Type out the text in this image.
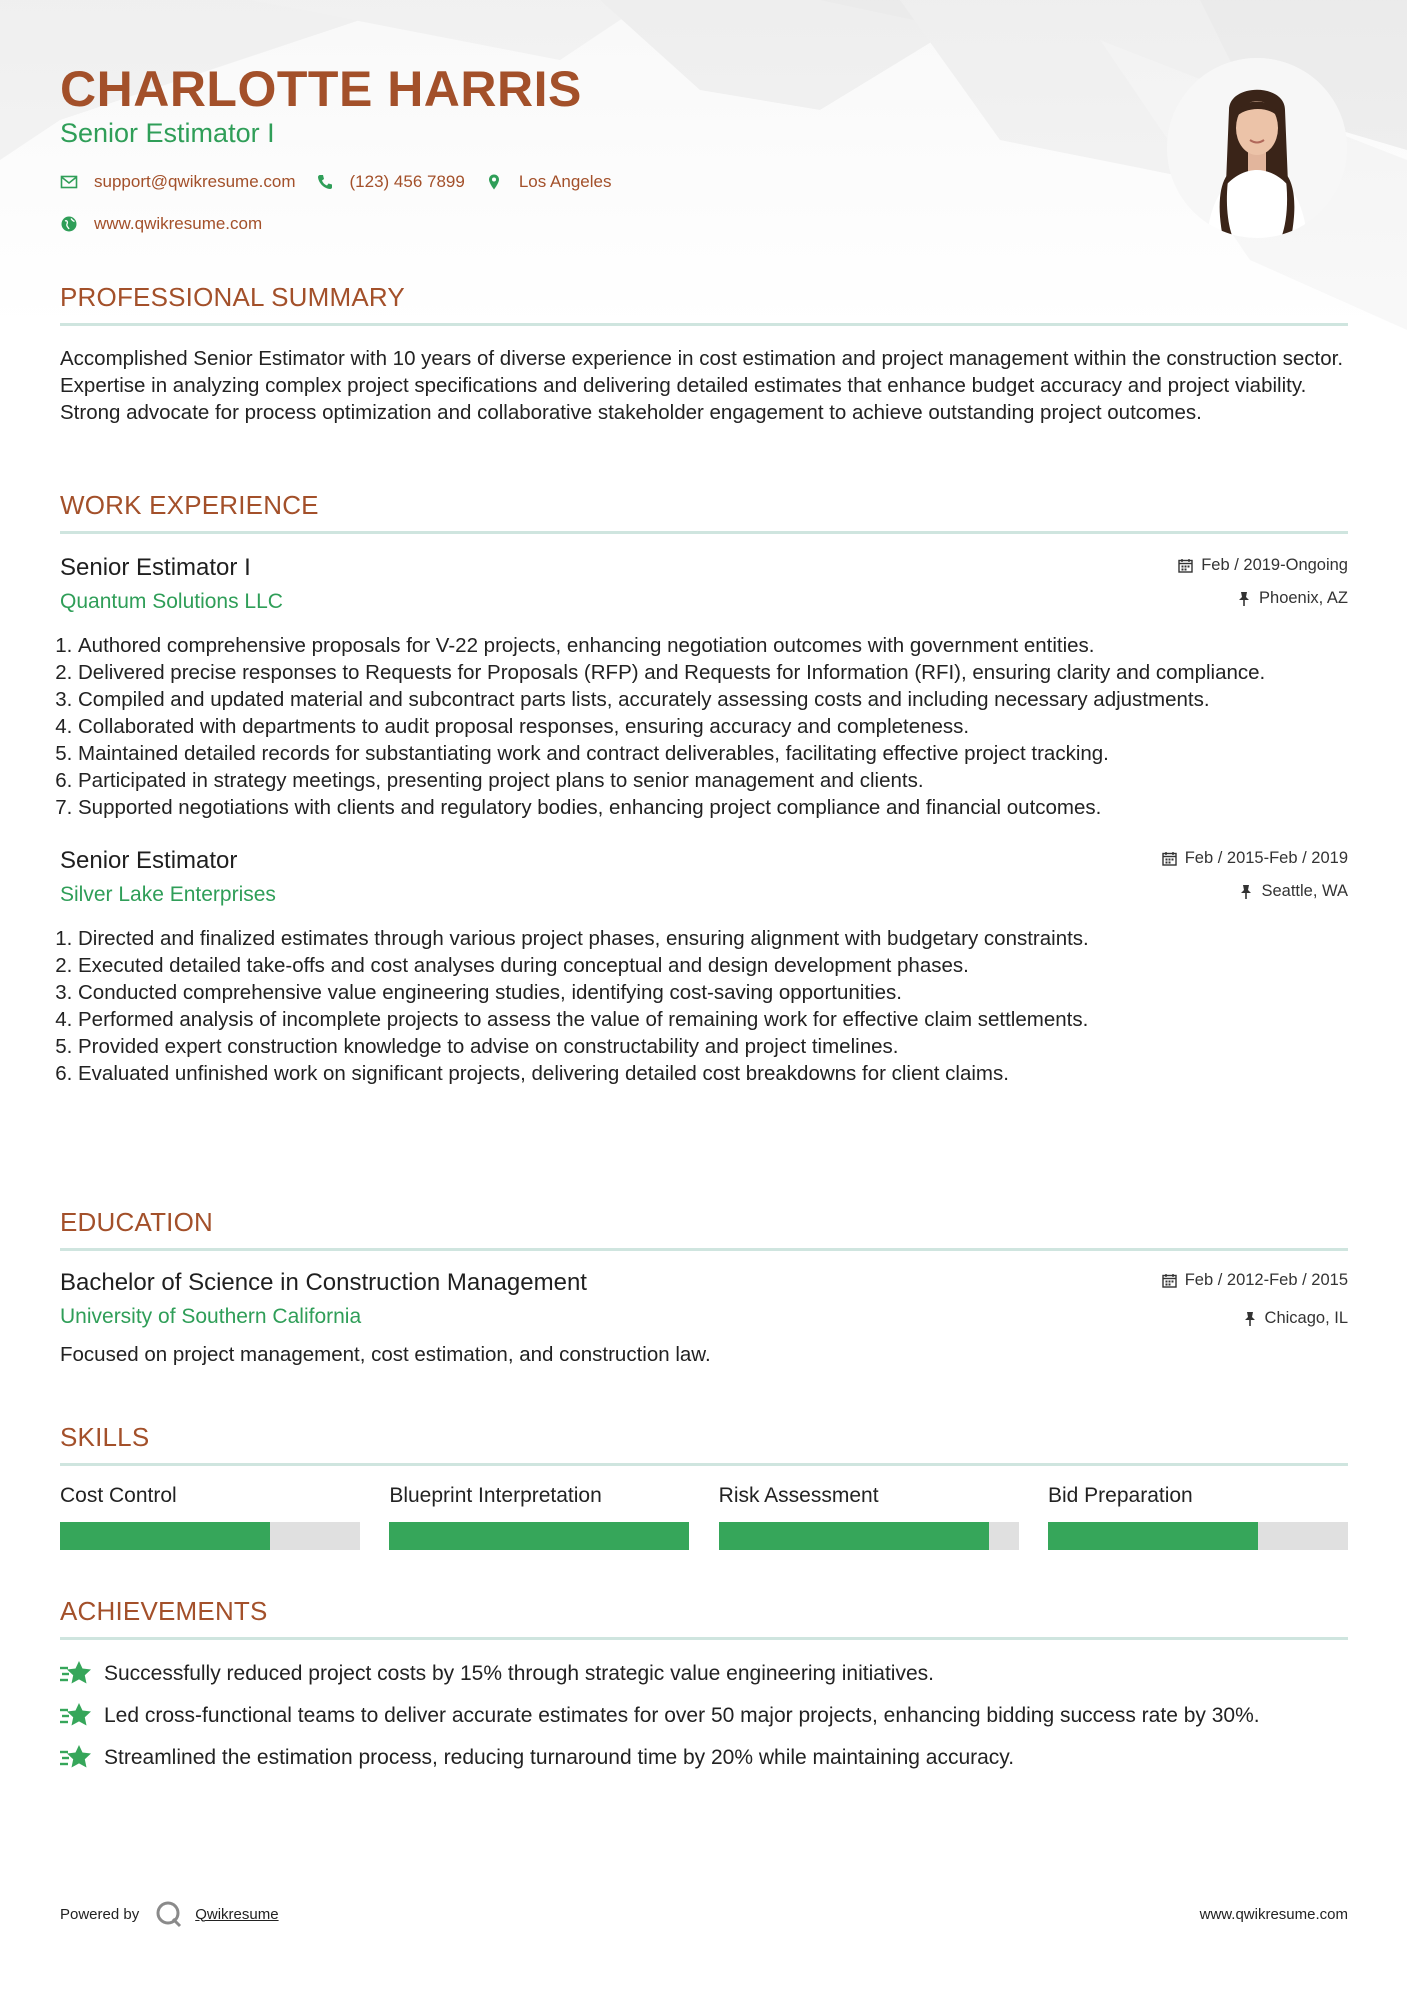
CHARLOTTE HARRIS
Senior Estimator I
support@qwikresume.com	(123) 456 7899	Los Angeles
www.qwikresume.com
PROFESSIONAL SUMMARY

Accomplished Senior Estimator with 10 years of diverse experience in cost estimation and project management within the construction sector. Expertise in analyzing complex project specifications and delivering detailed estimates that enhance budget accuracy and project viability. Strong advocate for process optimization and collaborative stakeholder engagement to achieve outstanding project outcomes.

WORK EXPERIENCE
Senior Estimator I
Quantum Solutions LLC
Feb / 2019-Ongoing
Phoenix, AZ
1. Authored comprehensive proposals for V-22 projects, enhancing negotiation outcomes with government entities.
2. Delivered precise responses to Requests for Proposals (RFP) and Requests for Information (RFI), ensuring clarity and compliance.
3. Compiled and updated material and subcontract parts lists, accurately assessing costs and including necessary adjustments.
4. Collaborated with departments to audit proposal responses, ensuring accuracy and completeness.
5. Maintained detailed records for substantiating work and contract deliverables, facilitating effective project tracking.
6. Participated in strategy meetings, presenting project plans to senior management and clients.
7. Supported negotiations with clients and regulatory bodies, enhancing project compliance and financial outcomes.
Senior Estimator
Silver Lake Enterprises
Feb / 2015-Feb / 2019
Seattle, WA
1. Directed and finalized estimates through various project phases, ensuring alignment with budgetary constraints.
2. Executed detailed take-offs and cost analyses during conceptual and design development phases.
3. Conducted comprehensive value engineering studies, identifying cost-saving opportunities.
4. Performed analysis of incomplete projects to assess the value of remaining work for effective claim settlements.
5. Provided expert construction knowledge to advise on constructability and project timelines.
6. Evaluated unfinished work on significant projects, delivering detailed cost breakdowns for client claims.
EDUCATION
Bachelor of Science in Construction Management
University of Southern California
Feb / 2012-Feb / 2015
Chicago, IL

Focused on project management, cost estimation, and construction law.

SKILLS
Cost Control	Blueprint Interpretation	Risk Assessment	Bid Preparation
ACHIEVEMENTS
Successfully reduced project costs by 15% through strategic value engineering initiatives.
Led cross-functional teams to deliver accurate estimates for over 50 major projects, enhancing bidding success rate by 30%.
Streamlined the estimation process, reducing turnaround time by 20% while maintaining accuracy.
Powered by	Qwikresume	www.qwikresume.com
